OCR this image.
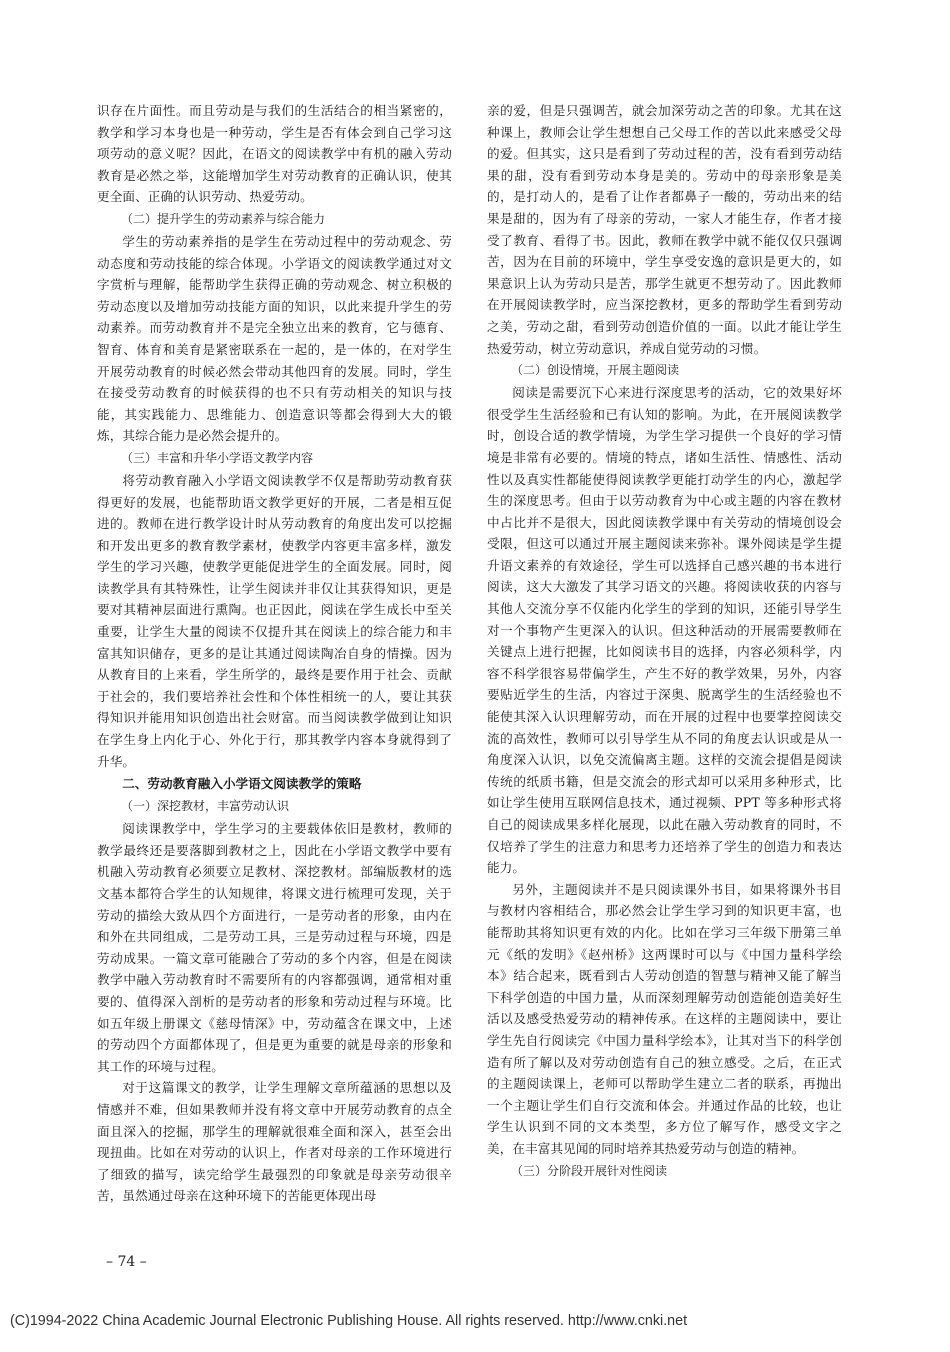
识存在片面性。而且劳动是与我们的生活结合的相当紧密的，教学和学习本身也是一种劳动，学生是否有体会到自己学习这项劳动的意义呢？因此，在语文的阅读教学中有机的融入劳动教育是必然之举，这能增加学生对劳动教育的正确认识，使其更全面、正确的认识劳动、热爱劳动。

（二）提升学生的劳动素养与综合能力

学生的劳动素养指的是学生在劳动过程中的劳动观念、劳动态度和劳动技能的综合体现。小学语文的阅读教学通过对文字赏析与理解，能帮助学生获得正确的劳动观念、树立积极的劳动态度以及增加劳动技能方面的知识，以此来提升学生的劳动素养。而劳动教育并不是完全独立出来的教育，它与德育、智育、体育和美育是紧密联系在一起的，是一体的，在对学生开展劳动教育的时候必然会带动其他四育的发展。同时，学生在接受劳动教育的时候获得的也不只有劳动相关的知识与技能，其实践能力、思维能力、创造意识等都会得到大大的锻炼，其综合能力是必然会提升的。

（三）丰富和升华小学语文教学内容

将劳动教育融入小学语文阅读教学不仅是帮助劳动教育获得更好的发展，也能帮助语文教学更好的开展，二者是相互促进的。教师在进行教学设计时从劳动教育的角度出发可以挖掘和开发出更多的教育教学素材，使教学内容更丰富多样，激发学生的学习兴趣，使教学更能促进学生的全面发展。同时，阅读教学具有其特殊性，让学生阅读并非仅让其获得知识，更是要对其精神层面进行熏陶。也正因此，阅读在学生成长中至关重要，让学生大量的阅读不仅提升其在阅读上的综合能力和丰富其知识储存，更多的是让其通过阅读陶冶自身的情操。因为从教育目的上来看，学生所学的，最终是要作用于社会、贡献于社会的，我们要培养社会性和个体性相统一的人，要让其获得知识并能用知识创造出社会财富。而当阅读教学做到让知识在学生身上内化于心、外化于行，那其教学内容本身就得到了升华。

二、劳动教育融入小学语文阅读教学的策略

（一）深挖教材，丰富劳动认识

阅读课教学中，学生学习的主要载体依旧是教材，教师的教学最终还是要落脚到教材之上，因此在小学语文教学中要有机融入劳动教育必须要立足教材、深挖教材。部编版教材的选文基本都符合学生的认知规律，将课文进行梳理可发现，关于劳动的描绘大致从四个方面进行，一是劳动者的形象，由内在和外在共同组成，二是劳动工具，三是劳动过程与环境，四是劳动成果。一篇文章可能融合了劳动的多个内容，但是在阅读教学中融入劳动教育时不需要所有的内容都强调，通常相对重要的、值得深入剖析的是劳动者的形象和劳动过程与环境。比如五年级上册课文《慈母情深》中，劳动蕴含在课文中，上述的劳动四个方面都体现了，但是更为重要的就是母亲的形象和其工作的环境与过程。

对于这篇课文的教学，让学生理解文章所蕴涵的思想以及情感并不难，但如果教师并没有将文章中开展劳动教育的点全面且深入的挖掘，那学生的理解就很难全面和深入，甚至会出现扭曲。比如在对劳动的认识上，作者对母亲的工作环境进行了细致的描写，读完给学生最强烈的印象就是母亲劳动很辛苦，虽然通过母亲在这种环境下的苦能更体现出母

亲的爱，但是只强调苦，就会加深劳动之苦的印象。尤其在这种课上，教师会让学生想想自己父母工作的苦以此来感受父母的爱。但其实，这只是看到了劳动过程的苦，没有看到劳动结果的甜，没有看到劳动本身是美的。劳动中的母亲形象是美的，是打动人的，是看了让作者都鼻子一酸的，劳动出来的结果是甜的，因为有了母亲的劳动，一家人才能生存，作者才接受了教育、看得了书。因此，教师在教学中就不能仅仅只强调苦，因为在目前的环境中，学生享受安逸的意识是更大的，如果意识上认为劳动只是苦，那学生就更不想劳动了。因此教师在开展阅读教学时，应当深挖教材，更多的帮助学生看到劳动之美，劳动之甜，看到劳动创造价值的一面。以此才能让学生热爱劳动，树立劳动意识，养成自觉劳动的习惯。

（二）创设情境，开展主题阅读

阅读是需要沉下心来进行深度思考的活动，它的效果好坏很受学生生活经验和已有认知的影响。为此，在开展阅读教学时，创设合适的教学情境，为学生学习提供一个良好的学习情境是非常有必要的。情境的特点，诸如生活性、情感性、活动性以及真实性都能使得阅读教学更能打动学生的内心，激起学生的深度思考。但由于以劳动教育为中心或主题的内容在教材中占比并不是很大，因此阅读教学课中有关劳动的情境创设会受限，但这可以通过开展主题阅读来弥补。课外阅读是学生提升语文素养的有效途径，学生可以选择自己感兴趣的书本进行阅读，这大大激发了其学习语文的兴趣。将阅读收获的内容与其他人交流分享不仅能内化学生的学到的知识，还能引导学生对一个事物产生更深入的认识。但这种活动的开展需要教师在关键点上进行把握，比如阅读书目的选择，内容必须科学，内容不科学很容易带偏学生，产生不好的教学效果，另外，内容要贴近学生的生活，内容过于深奥、脱离学生的生活经验也不能使其深入认识理解劳动，而在开展的过程中也要掌控阅读交流的高效性，教师可以引导学生从不同的角度去认识或是从一角度深入认识，以免交流偏离主题。这样的交流会提倡是阅读传统的纸质书籍，但是交流会的形式却可以采用多种形式，比如让学生使用互联网信息技术，通过视频、PPT 等多种形式将自己的阅读成果多样化展现，以此在融入劳动教育的同时，不仅培养了学生的注意力和思考力还培养了学生的创造力和表达能力。

另外，主题阅读并不是只阅读课外书目，如果将课外书目与教材内容相结合，那必然会让学生学习到的知识更丰富，也能帮助其将知识更有效的内化。比如在学习三年级下册第三单元《纸的发明》《赵州桥》这两课时可以与《中国力量科学绘本》结合起来，既看到古人劳动创造的智慧与精神又能了解当下科学创造的中国力量，从而深刻理解劳动创造能创造美好生活以及感受热爱劳动的精神传承。在这样的主题阅读中，要让学生先自行阅读完《中国力量科学绘本》，让其对当下的科学创造有所了解以及对劳动创造有自己的独立感受。之后，在正式的主题阅读课上，老师可以帮助学生建立二者的联系，再抛出一个主题让学生们自行交流和体会。并通过作品的比较，也让学生认识到不同的文本类型，多方位了解写作，感受文字之美，在丰富其见闻的同时培养其热爱劳动与创造的精神。

（三）分阶段开展针对性阅读

– 74 –
(C)1994-2022 China Academic Journal Electronic Publishing House. All rights reserved. http://www.cnki.net
